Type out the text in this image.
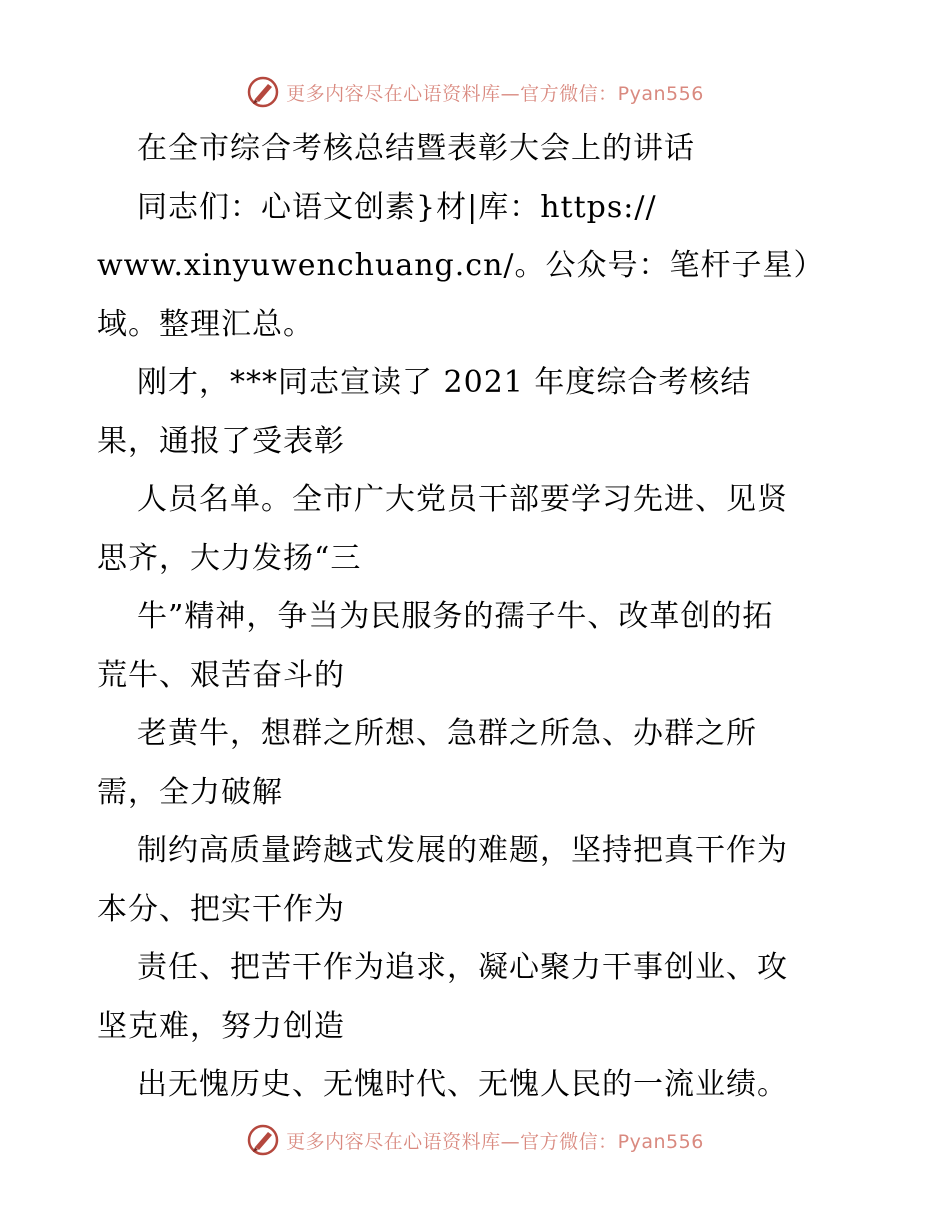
更多内容尽在心语资料库—官方微信：Pyan556
在全市综合考核总结暨表彰大会上的讲话
同志们：心语文创素}材|库：https://
www.xinyuwenchuang.cn/。公众号：笔杆子星）
域。整理汇总。
刚才，***同志宣读了 2021 年度综合考核结
果，通报了受表彰
人员名单。全市广大党员干部要学习先进、见贤
思齐，大力发扬“三
牛”精神，争当为民服务的孺子牛、改革创的拓
荒牛、艰苦奋斗的
老黄牛，想群之所想、急群之所急、办群之所
需，全力破解
制约高质量跨越式发展的难题，坚持把真干作为
本分、把实干作为
责任、把苦干作为追求，凝心聚力干事创业、攻
坚克难，努力创造
出无愧历史、无愧时代、无愧人民的一流业绩。
更多内容尽在心语资料库—官方微信：Pyan556
